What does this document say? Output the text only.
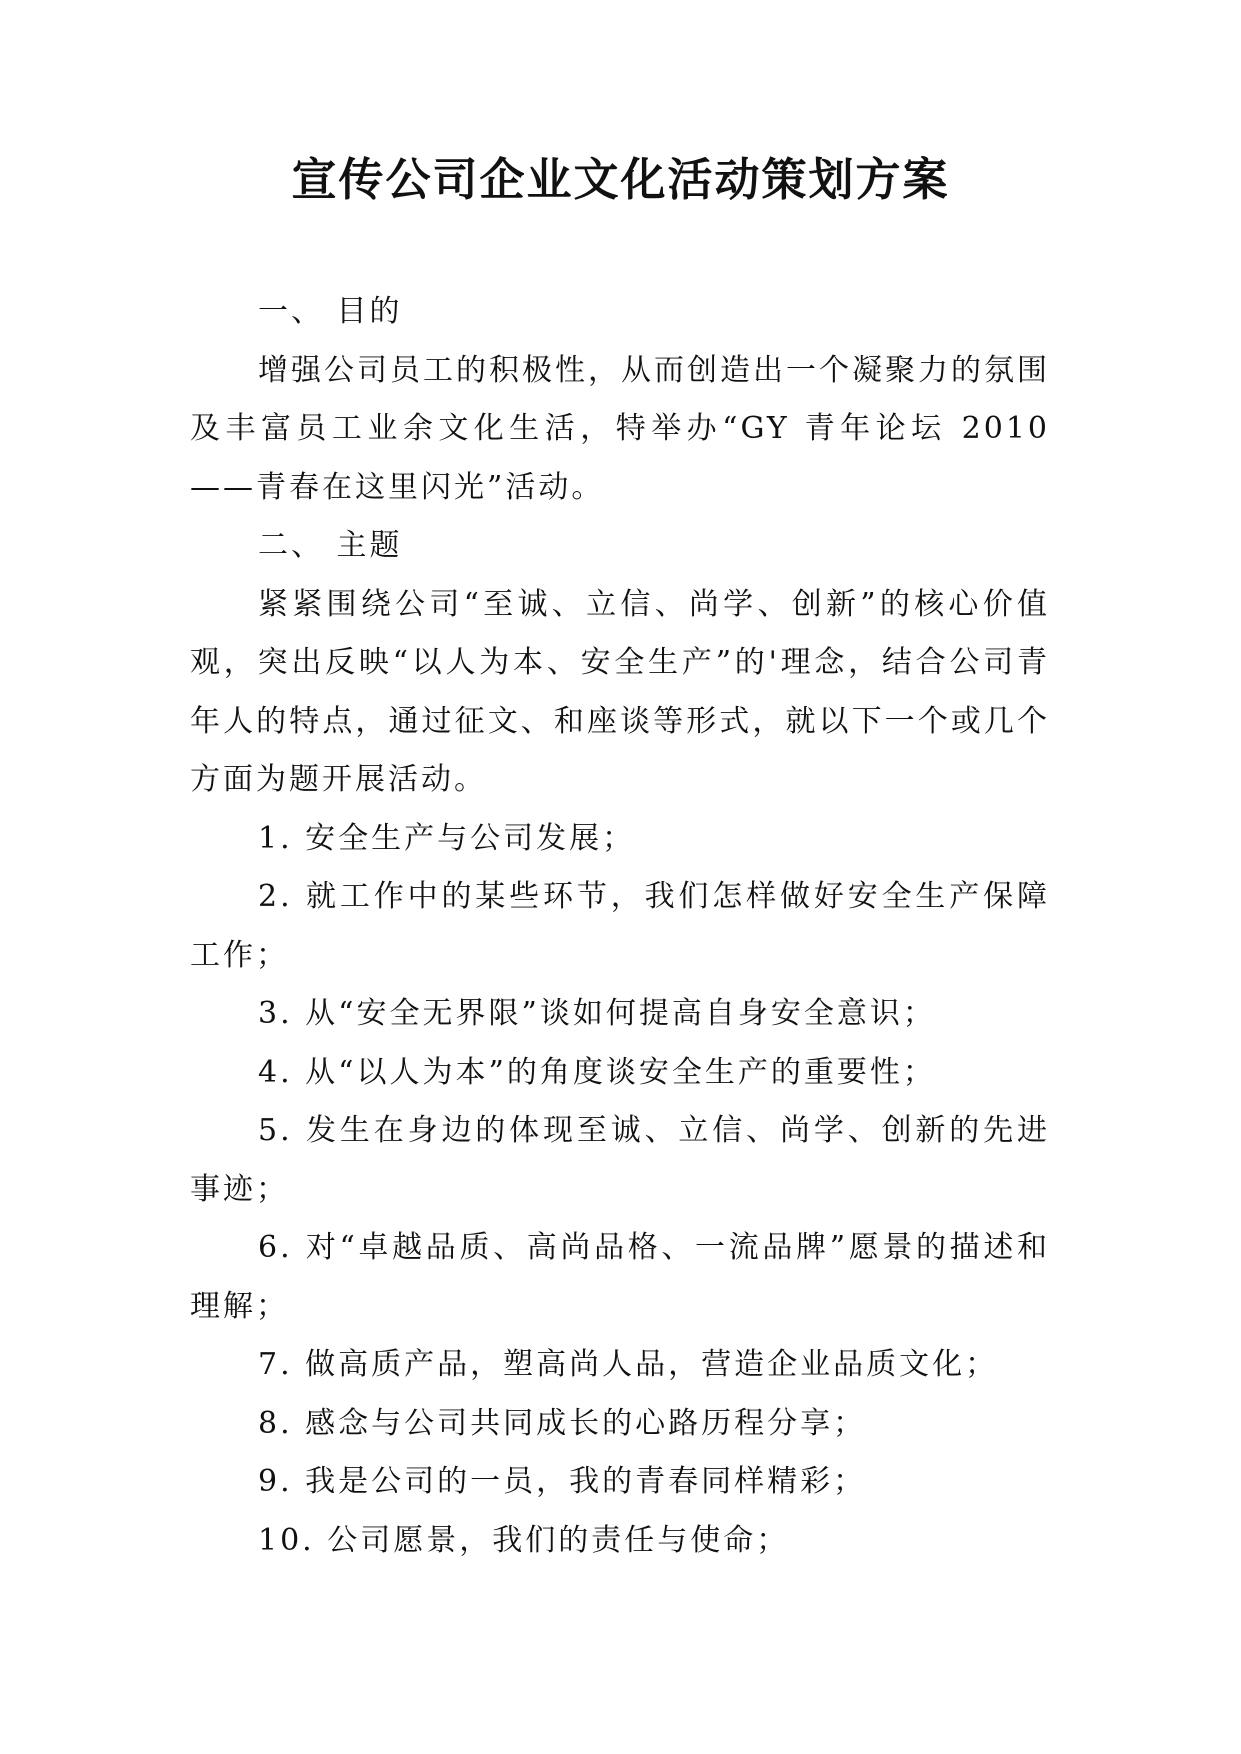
宣传公司企业文化活动策划方案

一、 目的

增强公司员工的积极性，从而创造出一个凝聚力的氛围及丰富员工业余文化生活，特举办“GY 青年论坛 2010——青春在这里闪光”活动。

二、 主题

紧紧围绕公司“至诚、立信、尚学、创新”的核心价值观，突出反映“以人为本、安全生产”的'理念，结合公司青年人的特点，通过征文、和座谈等形式，就以下一个或几个方面为题开展活动。

1. 安全生产与公司发展；

2. 就工作中的某些环节，我们怎样做好安全生产保障工作；

3. 从“安全无界限”谈如何提高自身安全意识；

4. 从“以人为本”的角度谈安全生产的重要性；

5. 发生在身边的体现至诚、立信、尚学、创新的先进事迹；

6. 对“卓越品质、高尚品格、一流品牌”愿景的描述和理解；

7. 做高质产品，塑高尚人品，营造企业品质文化；

8. 感念与公司共同成长的心路历程分享；

9. 我是公司的一员，我的青春同样精彩；

10. 公司愿景，我们的责任与使命；
